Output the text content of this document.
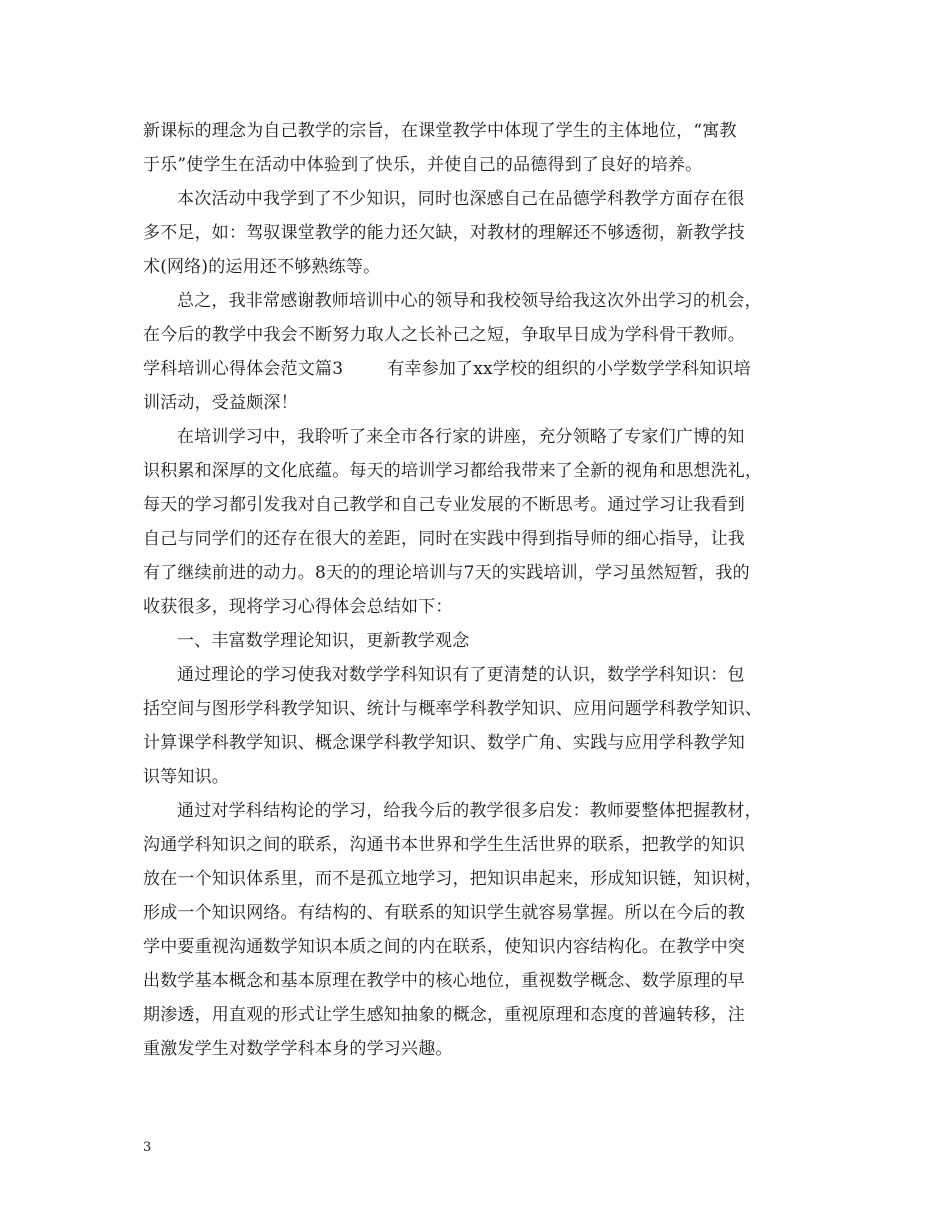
新课标的理念为自己教学的宗旨，在课堂教学中体现了学生的主体地位，“寓教
于乐”使学生在活动中体验到了快乐，并使自己的品德得到了良好的培养。
本次活动中我学到了不少知识，同时也深感自己在品德学科教学方面存在很
多不足，如：驾驭课堂教学的能力还欠缺，对教材的理解还不够透彻，新教学技
术(网络)的运用还不够熟练等。
总之，我非常感谢教师培训中心的领导和我校领导给我这次外出学习的机会，
在今后的教学中我会不断努力取人之长补己之短，争取早日成为学科骨干教师。
学科培训心得体会范文篇3	有幸参加了xx学校的组织的小学数学学科知识培
训活动，受益颇深！
在培训学习中，我聆听了来全市各行家的讲座，充分领略了专家们广博的知
识积累和深厚的文化底蕴。每天的培训学习都给我带来了全新的视角和思想洗礼，
每天的学习都引发我对自己教学和自己专业发展的不断思考。通过学习让我看到
自己与同学们的还存在很大的差距，同时在实践中得到指导师的细心指导，让我
有了继续前进的动力。8天的的理论培训与7天的实践培训，学习虽然短暂，我的
收获很多，现将学习心得体会总结如下：
一、丰富数学理论知识，更新教学观念
通过理论的学习使我对数学学科知识有了更清楚的认识，数学学科知识：包
括空间与图形学科教学知识、统计与概率学科教学知识、应用问题学科教学知识、
计算课学科教学知识、概念课学科教学知识、数学广角、实践与应用学科教学知
识等知识。
通过对学科结构论的学习，给我今后的教学很多启发：教师要整体把握教材，
沟通学科知识之间的联系，沟通书本世界和学生生活世界的联系，把教学的知识
放在一个知识体系里，而不是孤立地学习，把知识串起来，形成知识链，知识树，
形成一个知识网络。有结构的、有联系的知识学生就容易掌握。所以在今后的教
学中要重视沟通数学知识本质之间的内在联系，使知识内容结构化。在教学中突
出数学基本概念和基本原理在教学中的核心地位，重视数学概念、数学原理的早
期渗透，用直观的形式让学生感知抽象的概念，重视原理和态度的普遍转移，注
重激发学生对数学学科本身的学习兴趣。
3
